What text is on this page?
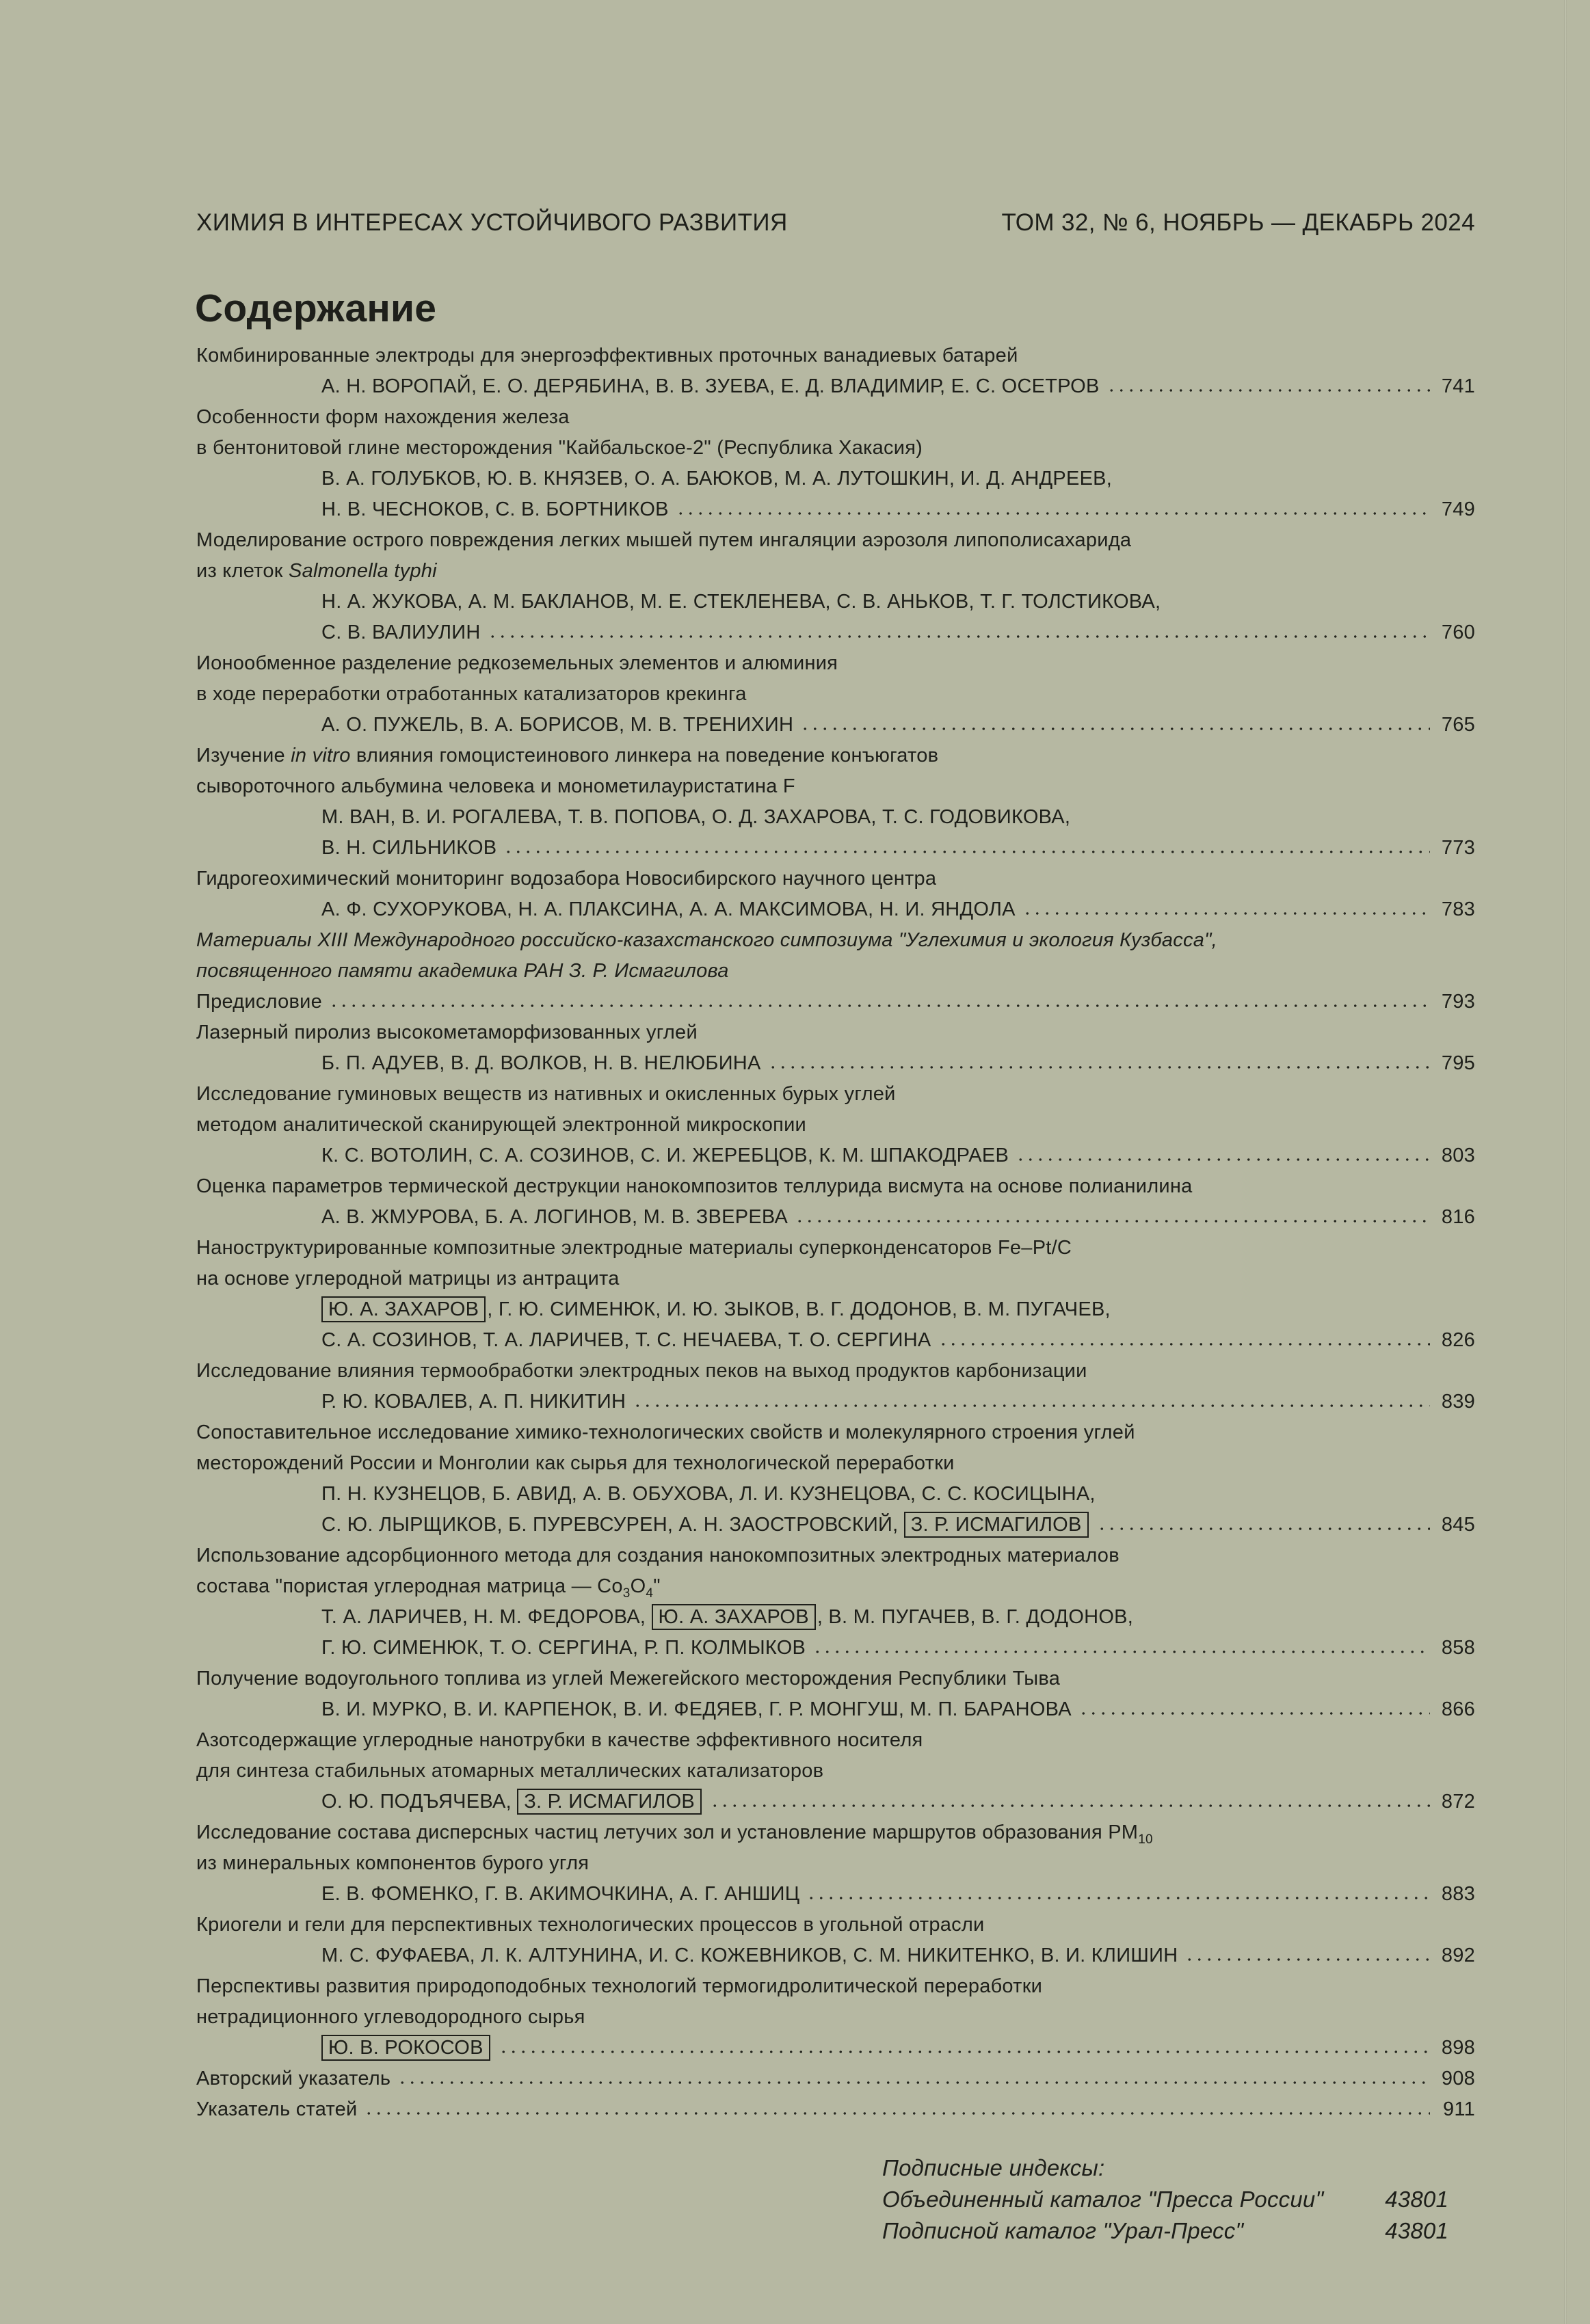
ХИМИЯ В ИНТЕРЕСАХ УСТОЙЧИВОГО РАЗВИТИЯ	ТОМ 32, № 6, НОЯБРЬ — ДЕКАБРЬ 2024
Содержание
Комбинированные электроды для энергоэффективных проточных ванадиевых батарей
А. Н. ВОРОПАЙ, Е. О. ДЕРЯБИНА, В. В. ЗУЕВА, Е. Д. ВЛАДИМИР, Е. С. ОСЕТРОВ	741
Особенности форм нахождения железа
в бентонитовой глине месторождения "Кайбальское-2" (Республика Хакасия)
В. А. ГОЛУБКОВ, Ю. В. КНЯЗЕВ, О. А. БАЮКОВ, М. А. ЛУТОШКИН, И. Д. АНДРЕЕВ,
Н. В. ЧЕСНОКОВ, С. В. БОРТНИКОВ	749
Моделирование острого повреждения легких мышей путем ингаляции аэрозоля липополисахарида
из клеток Salmonella typhi
Н. А. ЖУКОВА, А. М. БАКЛАНОВ, М. Е. СТЕКЛЕНЕВА, С. В. АНЬКОВ, Т. Г. ТОЛСТИКОВА,
С. В. ВАЛИУЛИН	760
Ионообменное разделение редкоземельных элементов и алюминия
в ходе переработки отработанных катализаторов крекинга
А. О. ПУЖЕЛЬ, В. А. БОРИСОВ, М. В. ТРЕНИХИН	765
Изучение in vitro влияния гомоцистеинового линкера на поведение конъюгатов
сывороточного альбумина человека и монометилауристатина F
М. ВАН, В. И. РОГАЛЕВА, Т. В. ПОПОВА, О. Д. ЗАХАРОВА, Т. С. ГОДОВИКОВА,
В. Н. СИЛЬНИКОВ	773
Гидрогеохимический мониторинг водозабора Новосибирского научного центра
А. Ф. СУХОРУКОВА, Н. А. ПЛАКСИНА, А. А. МАКСИМОВА, Н. И. ЯНДОЛА	783
Материалы XIII Международного российско-казахстанского симпозиума "Углехимия и экология Кузбасса",
посвященного памяти академика РАН З. Р. Исмагилова
Предисловие	793
Лазерный пиролиз высокометаморфизованных углей
Б. П. АДУЕВ, В. Д. ВОЛКОВ, Н. В. НЕЛЮБИНА	795
Исследование гуминовых веществ из нативных и окисленных бурых углей
методом аналитической сканирующей электронной микроскопии
К. С. ВОТОЛИН, С. А. СОЗИНОВ, С. И. ЖЕРЕБЦОВ, К. М. ШПАКОДРАЕВ	803
Оценка параметров термической деструкции нанокомпозитов теллурида висмута на основе полианилина
А. В. ЖМУРОВА, Б. А. ЛОГИНОВ, М. В. ЗВЕРЕВА	816
Наноструктурированные композитные электродные материалы суперконденсаторов Fe–Pt/C
на основе углеродной матрицы из антрацита
Ю. А. ЗАХАРОВ , Г. Ю. СИМЕНЮК, И. Ю. ЗЫКОВ, В. Г. ДОДОНОВ, В. М. ПУГАЧЕВ,
С. А. СОЗИНОВ, Т. А. ЛАРИЧЕВ, Т. С. НЕЧАЕВА, Т. О. СЕРГИНА	826
Исследование влияния термообработки электродных пеков на выход продуктов карбонизации
Р. Ю. КОВАЛЕВ, А. П. НИКИТИН	839
Сопоставительное исследование химико-технологических свойств и молекулярного строения углей
месторождений России и Монголии как сырья для технологической переработки
П. Н. КУЗНЕЦОВ, Б. АВИД, А. В. ОБУХОВА, Л. И. КУЗНЕЦОВА, С. С. КОСИЦЫНА,
С. Ю. ЛЫРЩИКОВ, Б. ПУРЕВСУРЕН, А. Н. ЗАОСТРОВСКИЙ, З. Р. ИСМАГИЛОВ	845
Использование адсорбционного метода для создания нанокомпозитных электродных материалов
состава "пористая углеродная матрица — $Co_3O_4$"
Т. А. ЛАРИЧЕВ, Н. М. ФЕДОРОВА, Ю. А. ЗАХАРОВ , В. М. ПУГАЧЕВ, В. Г. ДОДОНОВ,
Г. Ю. СИМЕНЮК, Т. О. СЕРГИНА, Р. П. КОЛМЫКОВ	858
Получение водоугольного топлива из углей Межегейского месторождения Республики Тыва
В. И. МУРКО, В. И. КАРПЕНОК, В. И. ФЕДЯЕВ, Г. Р. МОНГУШ, М. П. БАРАНОВА	866
Азотсодержащие углеродные нанотрубки в качестве эффективного носителя
для синтеза стабильных атомарных металлических катализаторов
О. Ю. ПОДЪЯЧЕВА, З. Р. ИСМАГИЛОВ	872
Исследование состава дисперсных частиц летучих зол и установление маршрутов образования $PM_{10}$
из минеральных компонентов бурого угля
Е. В. ФОМЕНКО, Г. В. АКИМОЧКИНА, А. Г. АНШИЦ	883
Криогели и гели для перспективных технологических процессов в угольной отрасли
М. С. ФУФАЕВА, Л. К. АЛТУНИНА, И. С. КОЖЕВНИКОВ, С. М. НИКИТЕНКО, В. И. КЛИШИН	892
Перспективы развития природоподобных технологий термогидролитической переработки
нетрадиционного углеводородного сырья
Ю. В. РОКОСОВ	898
Авторский указатель	908
Указатель статей	911
Подписные индексы:
Объединенный каталог "Пресса России"	43801
Подписной каталог "Урал-Пресс"	43801
